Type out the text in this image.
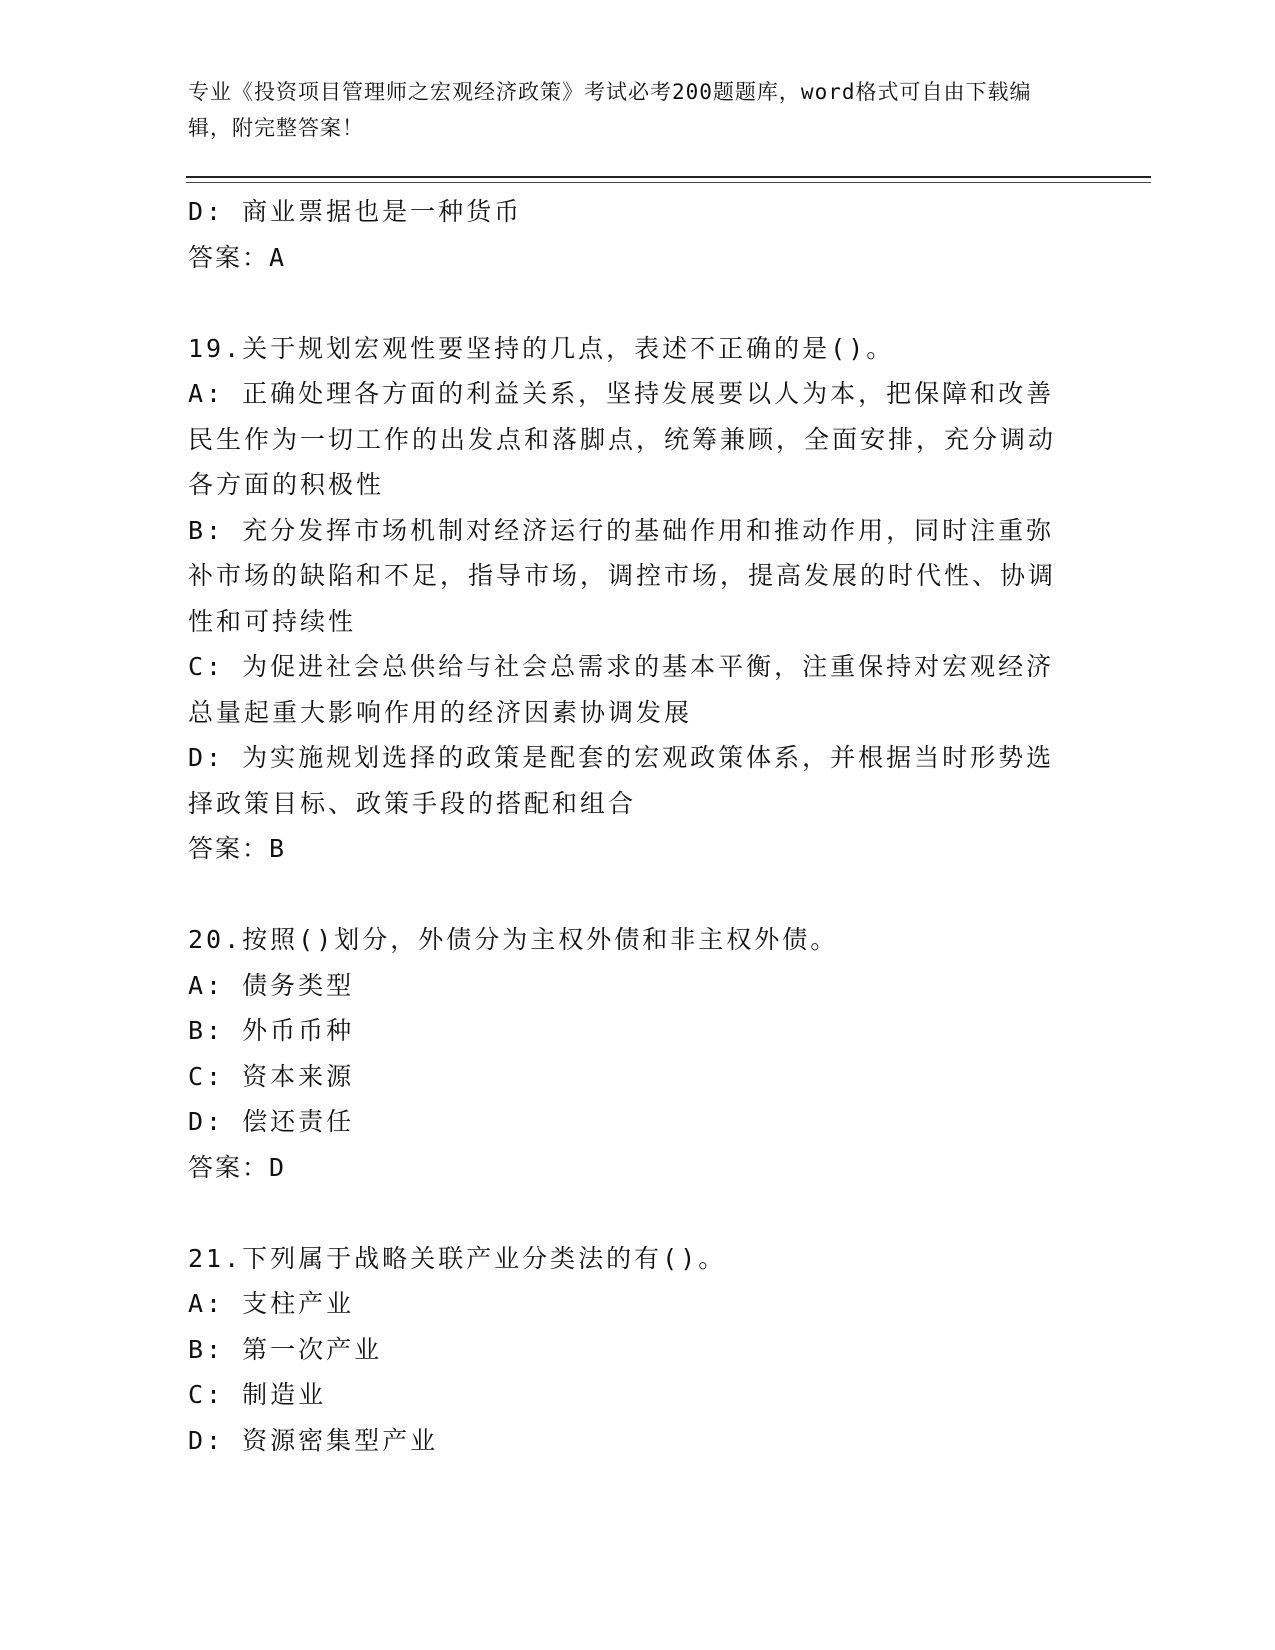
专业《投资项目管理师之宏观经济政策》考试必考200题题库，word格式可自由下载编辑，附完整答案！
D: 商业票据也是一种货币
答案：A
19.关于规划宏观性要坚持的几点，表述不正确的是()。
A: 正确处理各方面的利益关系，坚持发展要以人为本，把保障和改善民生作为一切工作的出发点和落脚点，统筹兼顾，全面安排，充分调动各方面的积极性
B: 充分发挥市场机制对经济运行的基础作用和推动作用，同时注重弥补市场的缺陷和不足，指导市场，调控市场，提高发展的时代性、协调性和可持续性
C: 为促进社会总供给与社会总需求的基本平衡，注重保持对宏观经济总量起重大影响作用的经济因素协调发展
D: 为实施规划选择的政策是配套的宏观政策体系，并根据当时形势选择政策目标、政策手段的搭配和组合
答案：B
20.按照()划分，外债分为主权外债和非主权外债。
A: 债务类型
B: 外币币种
C: 资本来源
D: 偿还责任
答案：D
21.下列属于战略关联产业分类法的有()。
A: 支柱产业
B: 第一次产业
C: 制造业
D: 资源密集型产业
